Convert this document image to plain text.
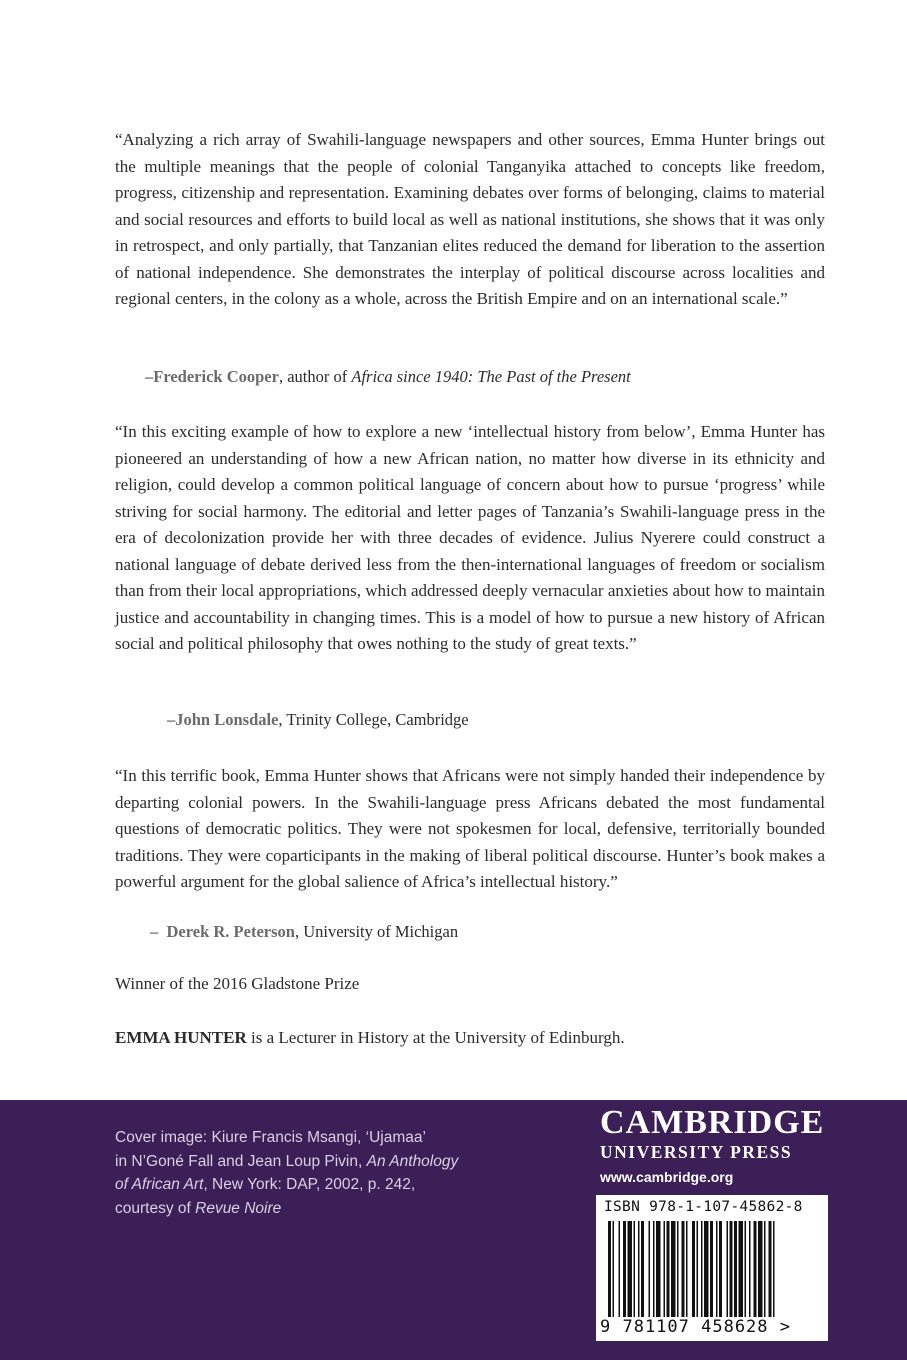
“Analyzing a rich array of Swahili-language newspapers and other sources, Emma Hunter brings out the multiple meanings that the people of colonial Tanganyika attached to concepts like freedom, progress, citizenship and representation. Examining debates over forms of belonging, claims to material and social resources and efforts to build local as well as national institutions, she shows that it was only in retrospect, and only partially, that Tanzanian elites reduced the demand for liberation to the assertion of national independence. She demonstrates the interplay of political discourse across localities and regional centers, in the colony as a whole, across the British Empire and on an international scale.”
–Frederick Cooper, author of Africa since 1940: The Past of the Present
“In this exciting example of how to explore a new ‘intellectual history from below’, Emma Hunter has pioneered an understanding of how a new African nation, no matter how diverse in its ethnicity and religion, could develop a common political language of concern about how to pursue ‘progress’ while striving for social harmony. The editorial and letter pages of Tanzania’s Swahili-language press in the era of decolonization provide her with three decades of evidence. Julius Nyerere could construct a national language of debate derived less from the then-international languages of freedom or socialism than from their local appropriations, which addressed deeply vernacular anxieties about how to maintain justice and accountability in changing times. This is a model of how to pursue a new history of African social and political philosophy that owes nothing to the study of great texts.”
–John Lonsdale, Trinity College, Cambridge
“In this terrific book, Emma Hunter shows that Africans were not simply handed their independence by departing colonial powers. In the Swahili-language press Africans debated the most fundamental questions of democratic politics. They were not spokesmen for local, defensive, territorially bounded traditions. They were coparticipants in the making of liberal political discourse. Hunter’s book makes a powerful argument for the global salience of Africa’s intellectual history.”
– Derek R. Peterson, University of Michigan
Winner of the 2016 Gladstone Prize
EMMA HUNTER is a Lecturer in History at the University of Edinburgh.
Cover image: Kiure Francis Msangi, ‘Ujamaa’
in N’Goné Fall and Jean Loup Pivin, An Anthology
of African Art, New York: DAP, 2002, p. 242,
courtesy of Revue Noire
CAMBRIDGE
UNIVERSITY PRESS
www.cambridge.org
ISBN 978-1-107-45862-8
9 781107 458628 >
